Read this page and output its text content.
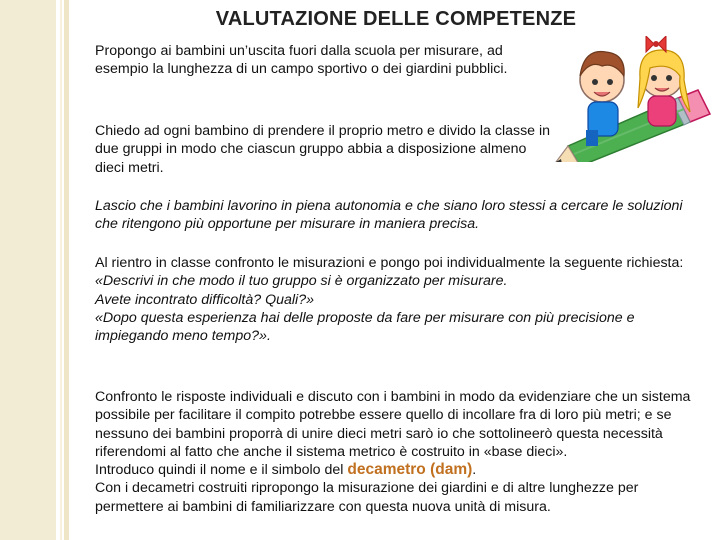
VALUTAZIONE DELLE COMPETENZE
Propongo ai bambini un’uscita fuori dalla scuola per misurare, ad esempio la lunghezza di un campo sportivo o dei giardini pubblici.
Chiedo ad ogni bambino di prendere il proprio metro e divido la classe in due gruppi in modo che ciascun gruppo abbia a disposizione almeno dieci metri.
Lascio che i bambini lavorino in piena autonomia e che siano loro stessi a cercare le soluzioni che ritengono più opportune per misurare in maniera precisa.
Al rientro in classe confronto le misurazioni e pongo poi individualmente la seguente richiesta: «Descrivi in che modo il tuo gruppo si è organizzato per misurare.
Avete incontrato difficoltà? Quali?»
«Dopo questa esperienza hai delle proposte da fare per misurare con più precisione e impiegando meno tempo?».

Confronto le risposte individuali e discuto con i bambini in modo da evidenziare che un sistema possibile per facilitare il compito potrebbe essere quello di incollare fra di loro più metri; e se nessuno dei bambini proporrà di unire dieci metri sarò io che sottolineerò questa necessità riferendomi al fatto che anche il sistema metrico è costruito in «base dieci».

Introduco quindi il nome e il simbolo del decametro (dam).

Con i decametri costruiti ripropongo la misurazione dei giardini e di altre lunghezze per permettere ai bambini di familiarizzare con questa nuova unità di misura.
